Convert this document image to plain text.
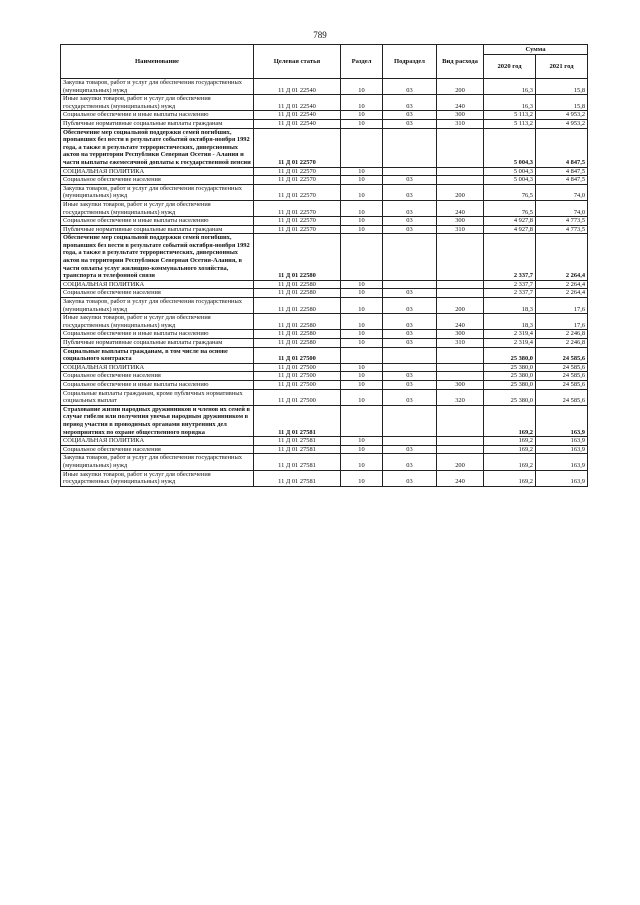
789
Наименование	Целевая статья	Раздел	Подраздел	Вид расхода	Сумма	
					2020 год	2021 год
Закупка товаров, работ и услуг для обеспечения государственных (муниципальных) нужд	11 Д 01 22540	10	03	200	16,3	15,8
Иные закупки товаров, работ и услуг для обеспечения государственных (муниципальных) нужд	11 Д 01 22540	10	03	240	16,3	15,8
Социальное обеспечение и иные выплаты населению	11 Д 01 22540	10	03	300	5 113,2	4 953,2
Публичные нормативные социальные выплаты гражданам	11 Д 01 22540	10	03	310	5 113,2	4 953,2
Обеспечение мер социальной поддержки семей погибших, пропавших без вести в результате событий октября-ноября 1992 года, а также в результате террористических, диверсионных актов на территории Республики Северная Осетия - Алания и части выплаты ежемесячной доплаты к государственной пенсии	11 Д 01 22570				5 004,3	4 847,5
СОЦИАЛЬНАЯ ПОЛИТИКА	11 Д 01 22570	10			5 004,3	4 847,5
Социальное обеспечение населения	11 Д 01 22570	10	03		5 004,3	4 847,5
Закупка товаров, работ и услуг для обеспечения государственных (муниципальных) нужд	11 Д 01 22570	10	03	200	76,5	74,0
Иные закупки товаров, работ и услуг для обеспечения государственных (муниципальных) нужд	11 Д 01 22570	10	03	240	76,5	74,0
Социальное обеспечение и иные выплаты населению	11 Д 01 22570	10	03	300	4 927,8	4 773,5
Публичные нормативные социальные выплаты гражданам	11 Д 01 22570	10	03	310	4 927,8	4 773,5
Обеспечение мер социальной поддержки семей погибших, пропавших без вести в результате событий октября-ноября 1992 года, а также в результате террористических, диверсионных актов на территории Республики Северная Осетия-Алания, в части оплаты услуг жилищно-коммунального хозяйства, транспорта и телефонной связи	11 Д 01 22580				2 337,7	2 264,4
СОЦИАЛЬНАЯ ПОЛИТИКА	11 Д 01 22580	10			2 337,7	2 264,4
Социальное обеспечение населения	11 Д 01 22580	10	03		2 337,7	2 264,4
Закупка товаров, работ и услуг для обеспечения государственных (муниципальных) нужд	11 Д 01 22580	10	03	200	18,3	17,6
Иные закупки товаров, работ и услуг для обеспечения государственных (муниципальных) нужд	11 Д 01 22580	10	03	240	18,3	17,6
Социальное обеспечение и иные выплаты населению	11 Д 01 22580	10	03	300	2 319,4	2 246,8
Публичные нормативные социальные выплаты гражданам	11 Д 01 22580	10	03	310	2 319,4	2 246,8
Социальные выплаты гражданам, в том числе на основе социального контракта	11 Д 01 27500				25 380,0	24 585,6
СОЦИАЛЬНАЯ ПОЛИТИКА	11 Д 01 27500	10			25 380,0	24 585,6
Социальное обеспечение населения	11 Д 01 27500	10	03		25 380,0	24 585,6
Социальное обеспечение и иные выплаты населению	11 Д 01 27500	10	03	300	25 380,0	24 585,6
Социальные выплаты гражданам, кроме публичных нормативных социальных выплат	11 Д 01 27500	10	03	320	25 380,0	24 585,6
Страхование жизни народных дружинников и членов их семей в случае гибели или получения увечья народным дружинником в период участия в проводимых органами внутренних дел мероприятиях по охране общественного порядка	11 Д 01 27581				169,2	163,9
СОЦИАЛЬНАЯ ПОЛИТИКА	11 Д 01 27581	10			169,2	163,9
Социальное обеспечение населения	11 Д 01 27581	10	03		169,2	163,9
Закупка товаров, работ и услуг для обеспечения государственных (муниципальных) нужд	11 Д 01 27581	10	03	200	169,2	163,9
Иные закупки товаров, работ и услуг для обеспечения государственных (муниципальных) нужд	11 Д 01 27581	10	03	240	169,2	163,9
